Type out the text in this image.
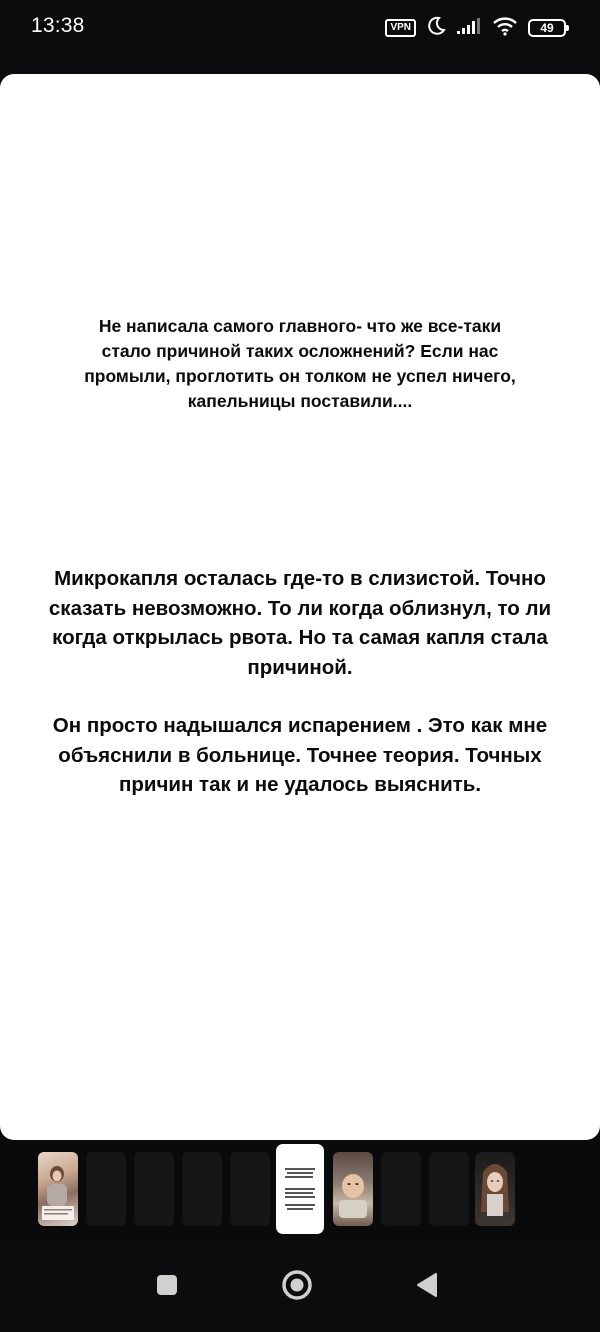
13:38	VPN	49
Не написала самого главного- что же все-таки стало причиной таких осложнений? Если нас промыли, проглотить он толком не успел ничего, капельницы поставили....
Микрокапля осталась где-то в слизистой. Точно сказать невозможно. То ли когда облизнул, то ли когда открылась рвота. Но та самая капля стала причиной.
Он просто надышался испарением . Это как мне объяснили в больнице. Точнее теория. Точных причин так и не удалось выяснить.
